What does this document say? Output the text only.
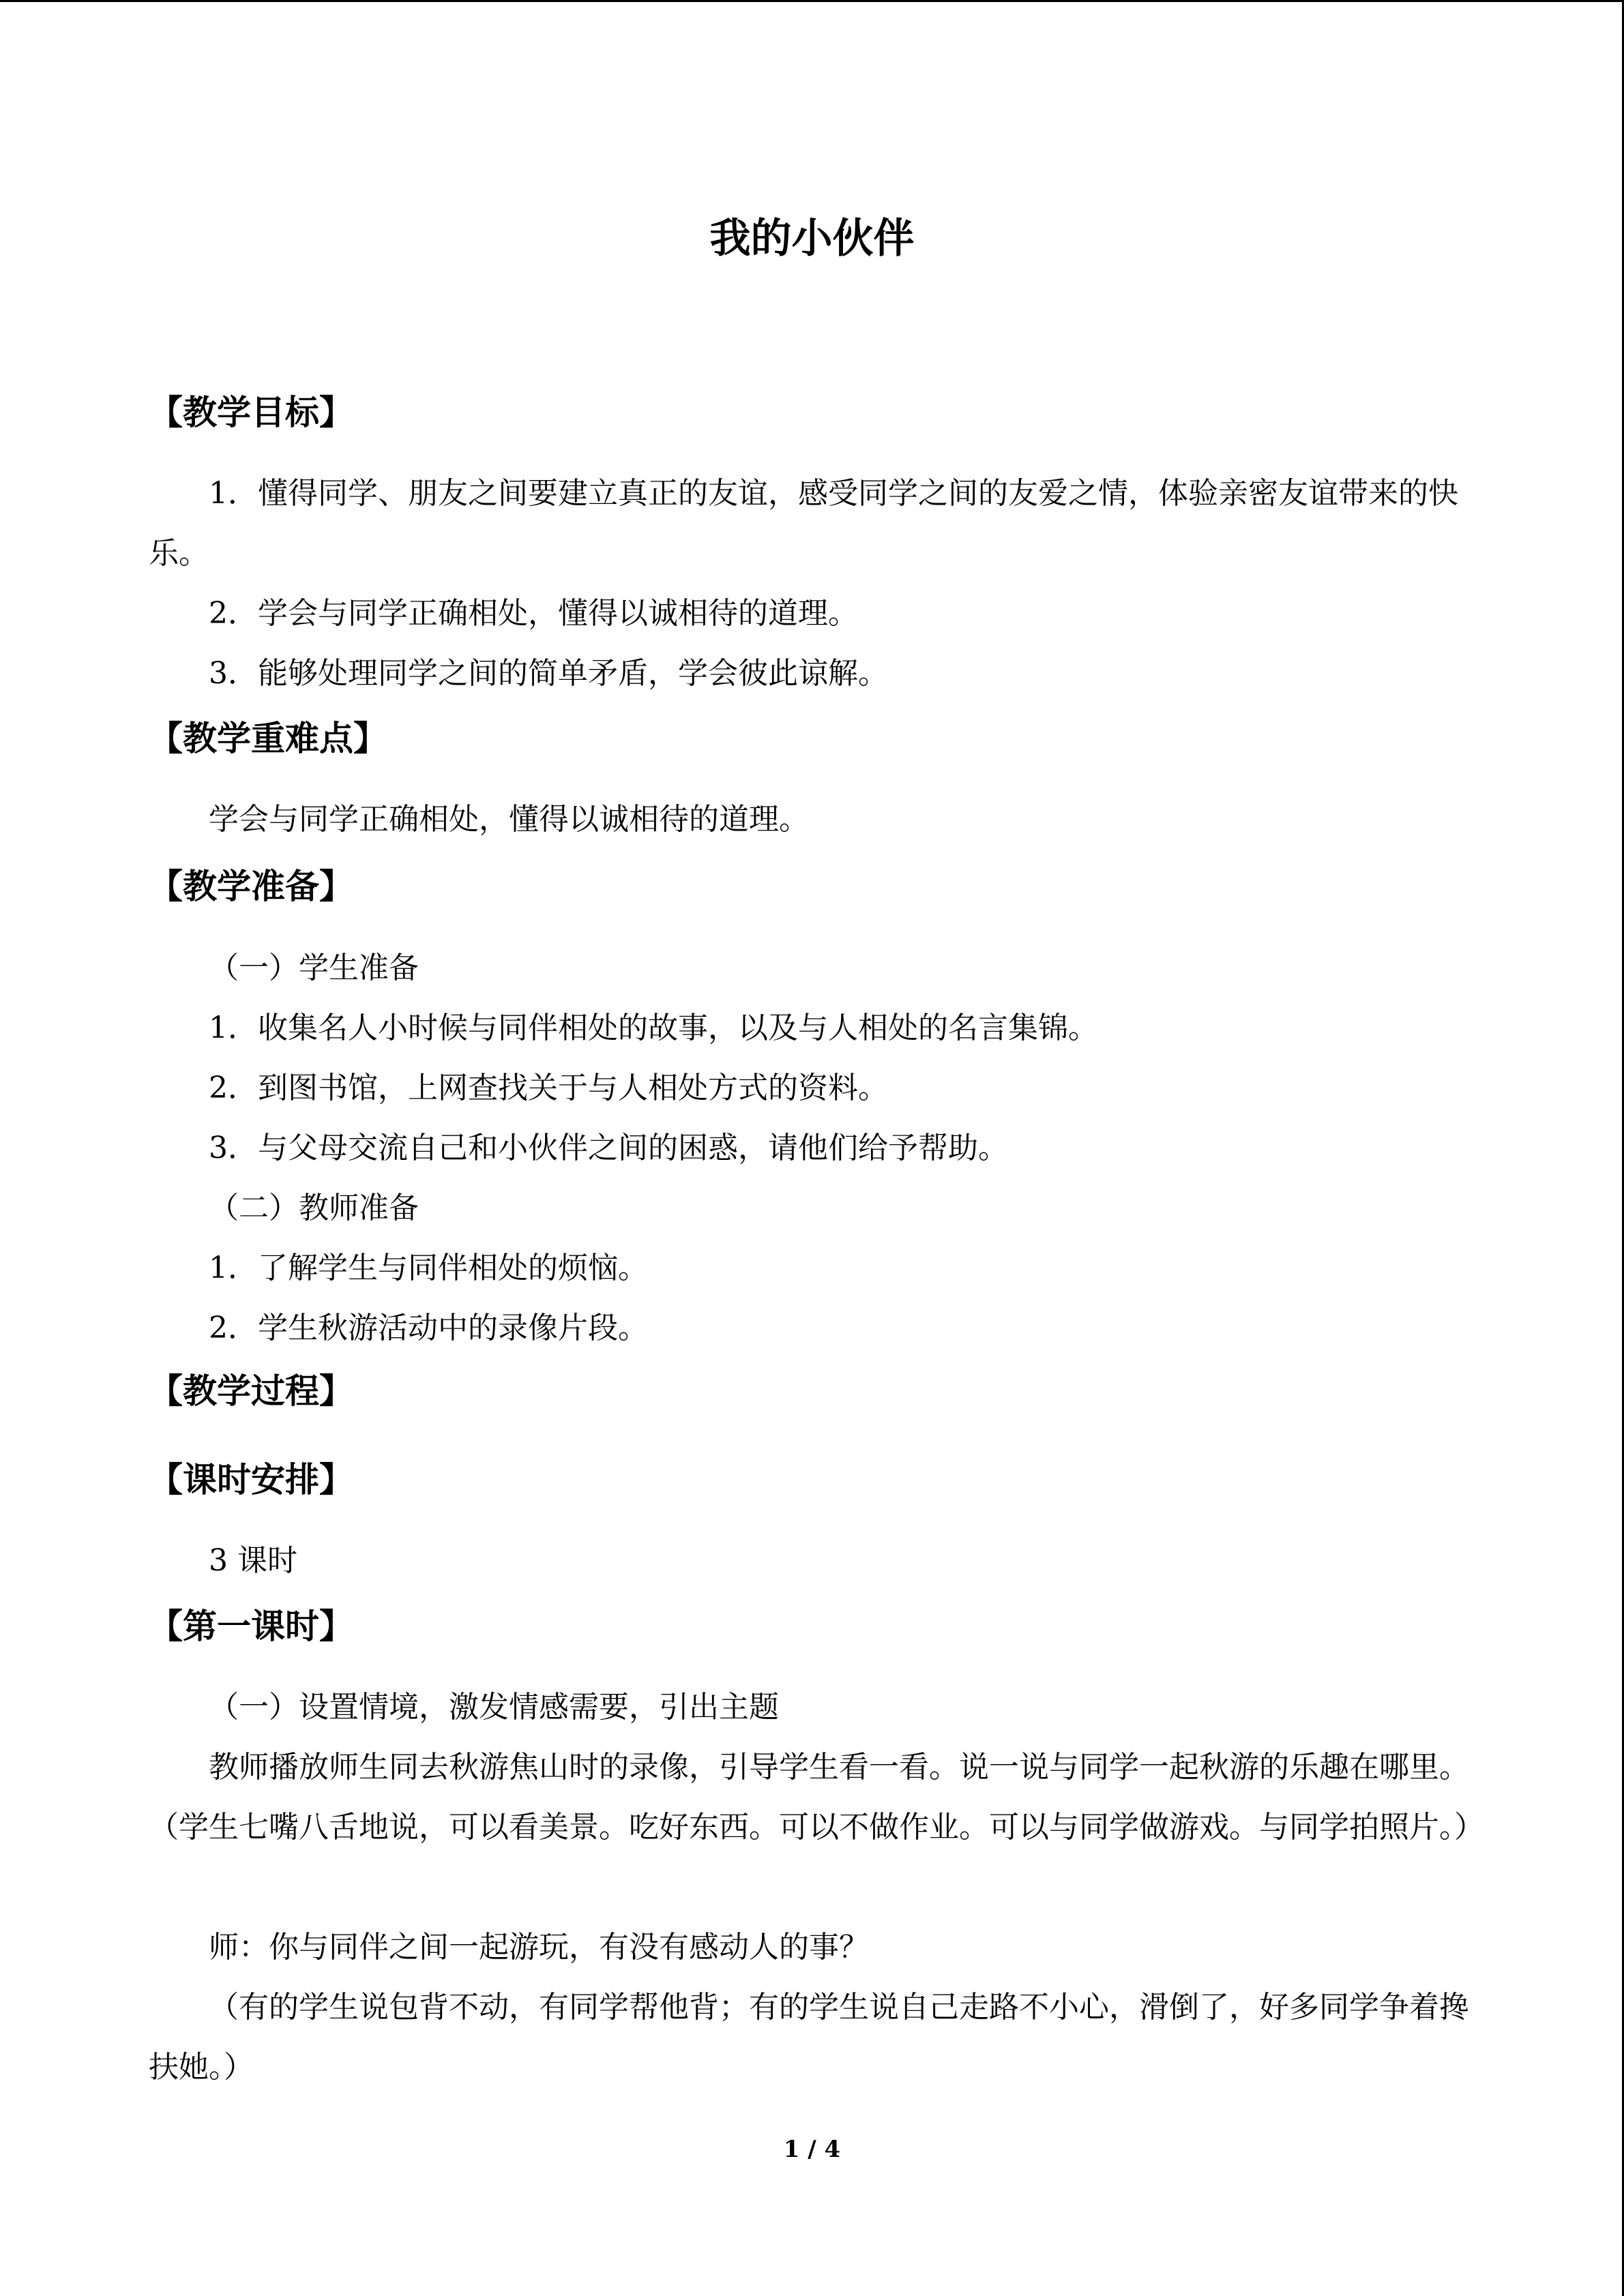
我的小伙伴
【教学目标】
1．懂得同学、朋友之间要建立真正的友谊，感受同学之间的友爱之情，体验亲密友谊带来的快乐。
2．学会与同学正确相处，懂得以诚相待的道理。
3．能够处理同学之间的简单矛盾，学会彼此谅解。
【教学重难点】
学会与同学正确相处，懂得以诚相待的道理。
【教学准备】
（一）学生准备
1．收集名人小时候与同伴相处的故事，以及与人相处的名言集锦。
2．到图书馆，上网查找关于与人相处方式的资料。
3．与父母交流自己和小伙伴之间的困惑，请他们给予帮助。
（二）教师准备
1．了解学生与同伴相处的烦恼。
2．学生秋游活动中的录像片段。
【教学过程】
【课时安排】
3 课时
【第一课时】
（一）设置情境，激发情感需要，引出主题
教师播放师生同去秋游焦山时的录像，引导学生看一看。说一说与同学一起秋游的乐趣在哪里。（学生七嘴八舌地说，可以看美景。吃好东西。可以不做作业。可以与同学做游戏。与同学拍照片。）
师：你与同伴之间一起游玩，有没有感动人的事？
（有的学生说包背不动，有同学帮他背；有的学生说自己走路不小心，滑倒了，好多同学争着搀扶她。）
1 / 4
